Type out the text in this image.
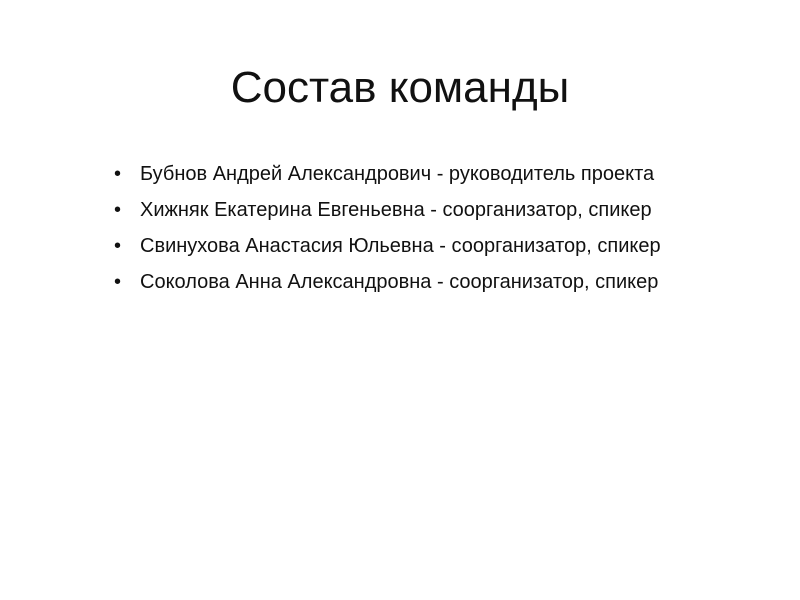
Состав команды
• Бубнов Андрей Александрович - руководитель проекта
• Хижняк Екатерина Евгеньевна - соорганизатор, спикер
• Свинухова Анастасия Юльевна - соорганизатор, спикер
• Соколова Анна Александровна - соорганизатор, спикер
